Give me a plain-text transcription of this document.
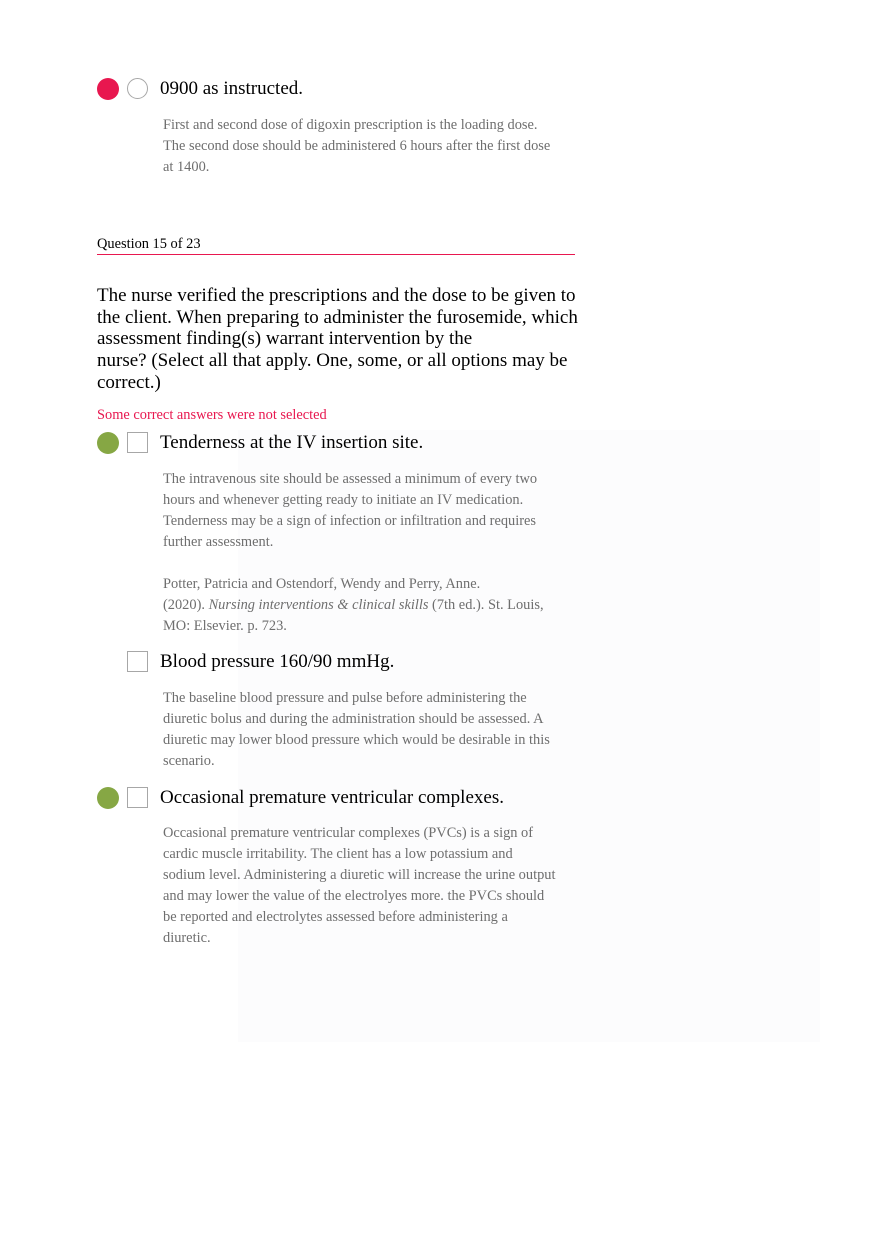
0900 as instructed.

First and second dose of digoxin prescription is the loading dose.

The second dose should be administered 6 hours after the first dose

at 1400.

Question 15 of 23

The nurse verified the prescriptions and the dose to be given to

the client. When preparing to administer the furosemide, which

assessment finding(s) warrant intervention by the

nurse? (Select all that apply. One, some, or all options may be

correct.)

Some correct answers were not selected
Tenderness at the IV insertion site.

The intravenous site should be assessed a minimum of every two

hours and whenever getting ready to initiate an IV medication.

Tenderness may be a sign of infection or infiltration and requires

further assessment.

Potter, Patricia and Ostendorf, Wendy and Perry, Anne.

(2020). Nursing interventions & clinical skills (7th ed.). St. Louis,

MO: Elsevier. p. 723.

Blood pressure 160/90 mmHg.

The baseline blood pressure and pulse before administering the

diuretic bolus and during the administration should be assessed. A

diuretic may lower blood pressure which would be desirable in this

scenario.

Occasional premature ventricular complexes.

Occasional premature ventricular complexes (PVCs) is a sign of

cardic muscle irritability. The client has a low potassium and

sodium level. Administering a diuretic will increase the urine output

and may lower the value of the electrolyes more. the PVCs should

be reported and electrolytes assessed before administering a

diuretic.
